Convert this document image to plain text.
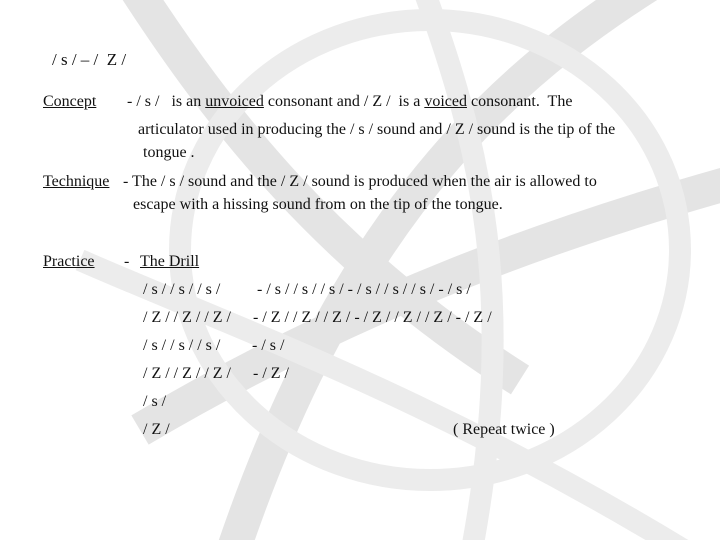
/ s / – /  Z /
Concept - / s / is an unvoiced consonant and / Z /  is a voiced consonant.  The
articulator used in producing the / s / sound and / Z / sound is the tip of the
tongue .
Technique - The / s / sound and the / Z / sound is produced when the air is allowed to
escape with a hissing sound from on the tip of the tongue.
Practice - The Drill
/ s / / s / / s / - / s / / s / / s / - / s / / s / / s / - / s /
/ Z / / Z / / Z / - / Z / / Z / / Z / - / Z / / Z / / Z / - / Z /
/ s / / s / / s / - / s /
/ Z / / Z / / Z / - / Z /
/ s /
/ Z /	( Repeat twice )
